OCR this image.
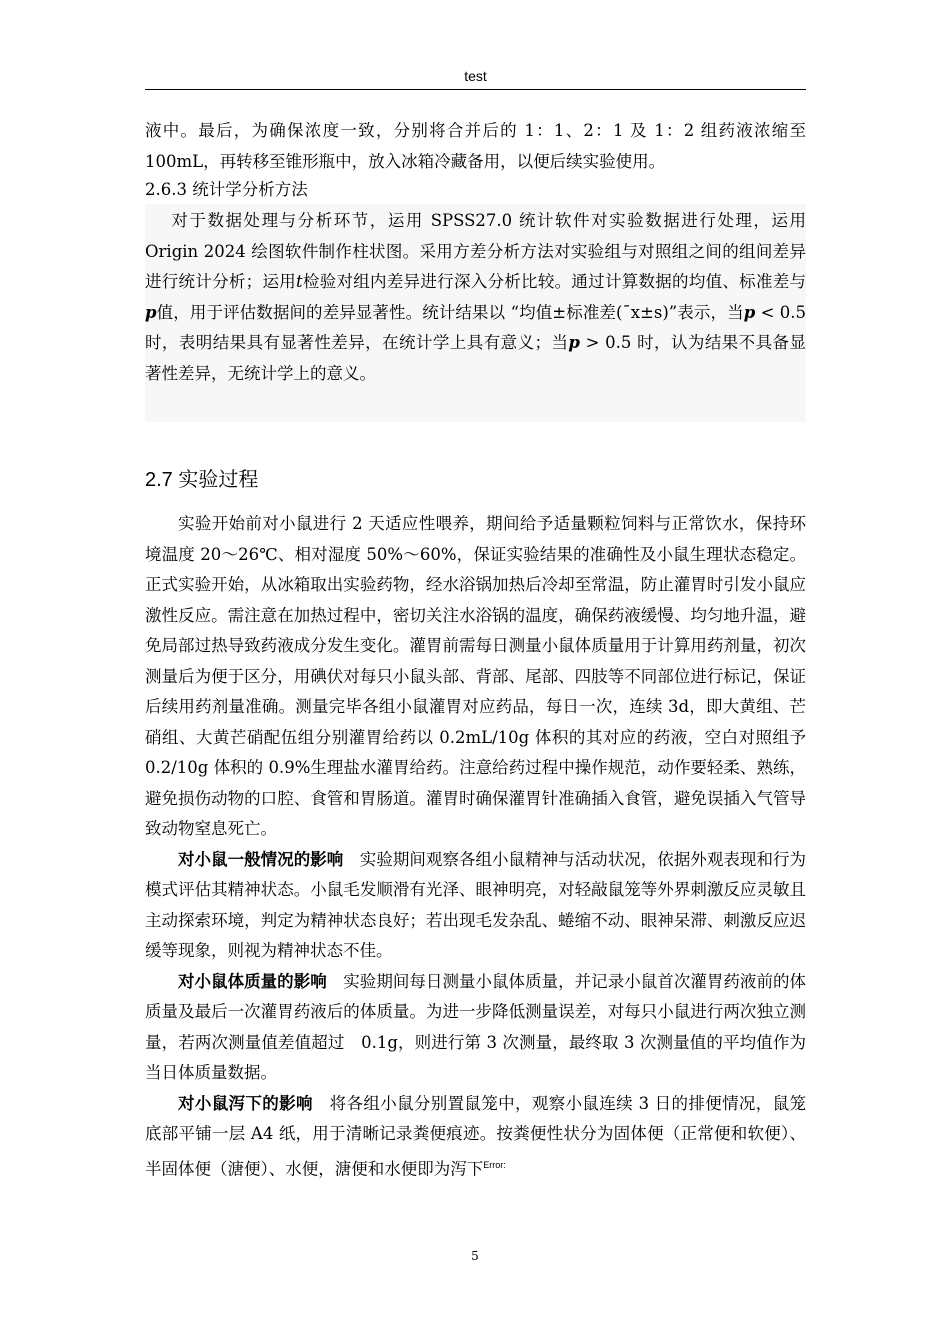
test

液中。最后，为确保浓度一致，分别将合并后的 1：1、2：1 及 1：2 组药液浓缩至 100mL，再转移至锥形瓶中，放入冰箱冷藏备用，以便后续实验使用。

2.6.3 统计学分析方法

对于数据处理与分析环节，运用 SPSS27.0 统计软件对实验数据进行处理，运用 Origin 2024 绘图软件制作柱状图。采用方差分析方法对实验组与对照组之间的组间差异进行统计分析；运用t检验对组内差异进行深入分析比较。通过计算数据的均值、标准差与p值，用于评估数据间的差异显著性。统计结果以 “均值±标准差(¯x±s)”表示，当p < 0.5 时，表明结果具有显著性差异，在统计学上具有意义；当p > 0.5 时，认为结果不具备显著性差异，无统计学上的意义。

2.7 实验过程

实验开始前对小鼠进行 2 天适应性喂养，期间给予适量颗粒饲料与正常饮水，保持环境温度 20～26℃、相对湿度 50%～60%，保证实验结果的准确性及小鼠生理状态稳定。正式实验开始，从冰箱取出实验药物，经水浴锅加热后冷却至常温，防止灌胃时引发小鼠应激性反应。需注意在加热过程中，密切关注水浴锅的温度，确保药液缓慢、均匀地升温，避免局部过热导致药液成分发生变化。灌胃前需每日测量小鼠体质量用于计算用药剂量，初次测量后为便于区分，用碘伏对每只小鼠头部、背部、尾部、四肢等不同部位进行标记，保证后续用药剂量准确。测量完毕各组小鼠灌胃对应药品，每日一次，连续 3d，即大黄组、芒硝组、大黄芒硝配伍组分别灌胃给药以 0.2mL/10g 体积的其对应的药液，空白对照组予 0.2/10g 体积的 0.9%生理盐水灌胃给药。注意给药过程中操作规范，动作要轻柔、熟练，避免损伤动物的口腔、食管和胃肠道。灌胃时确保灌胃针准确插入食管，避免误插入气管导致动物窒息死亡。

对小鼠一般情况的影响  实验期间观察各组小鼠精神与活动状况，依据外观表现和行为模式评估其精神状态。小鼠毛发顺滑有光泽、眼神明亮，对轻敲鼠笼等外界刺激反应灵敏且主动探索环境，判定为精神状态良好；若出现毛发杂乱、蜷缩不动、眼神呆滞、刺激反应迟缓等现象，则视为精神状态不佳。

对小鼠体质量的影响  实验期间每日测量小鼠体质量，并记录小鼠首次灌胃药液前的体质量及最后一次灌胃药液后的体质量。为进一步降低测量误差，对每只小鼠进行两次独立测量，若两次测量值差值超过　0.1g，则进行第 3 次测量，最终取 3 次测量值的平均值作为当日体质量数据。

对小鼠泻下的影响  将各组小鼠分别置鼠笼中，观察小鼠连续 3 日的排便情况，鼠笼底部平铺一层 A4 纸，用于清晰记录粪便痕迹。按粪便性状分为固体便（正常便和软便）、半固体便（溏便）、水便，溏便和水便即为泻下$^{Error:}$

5
